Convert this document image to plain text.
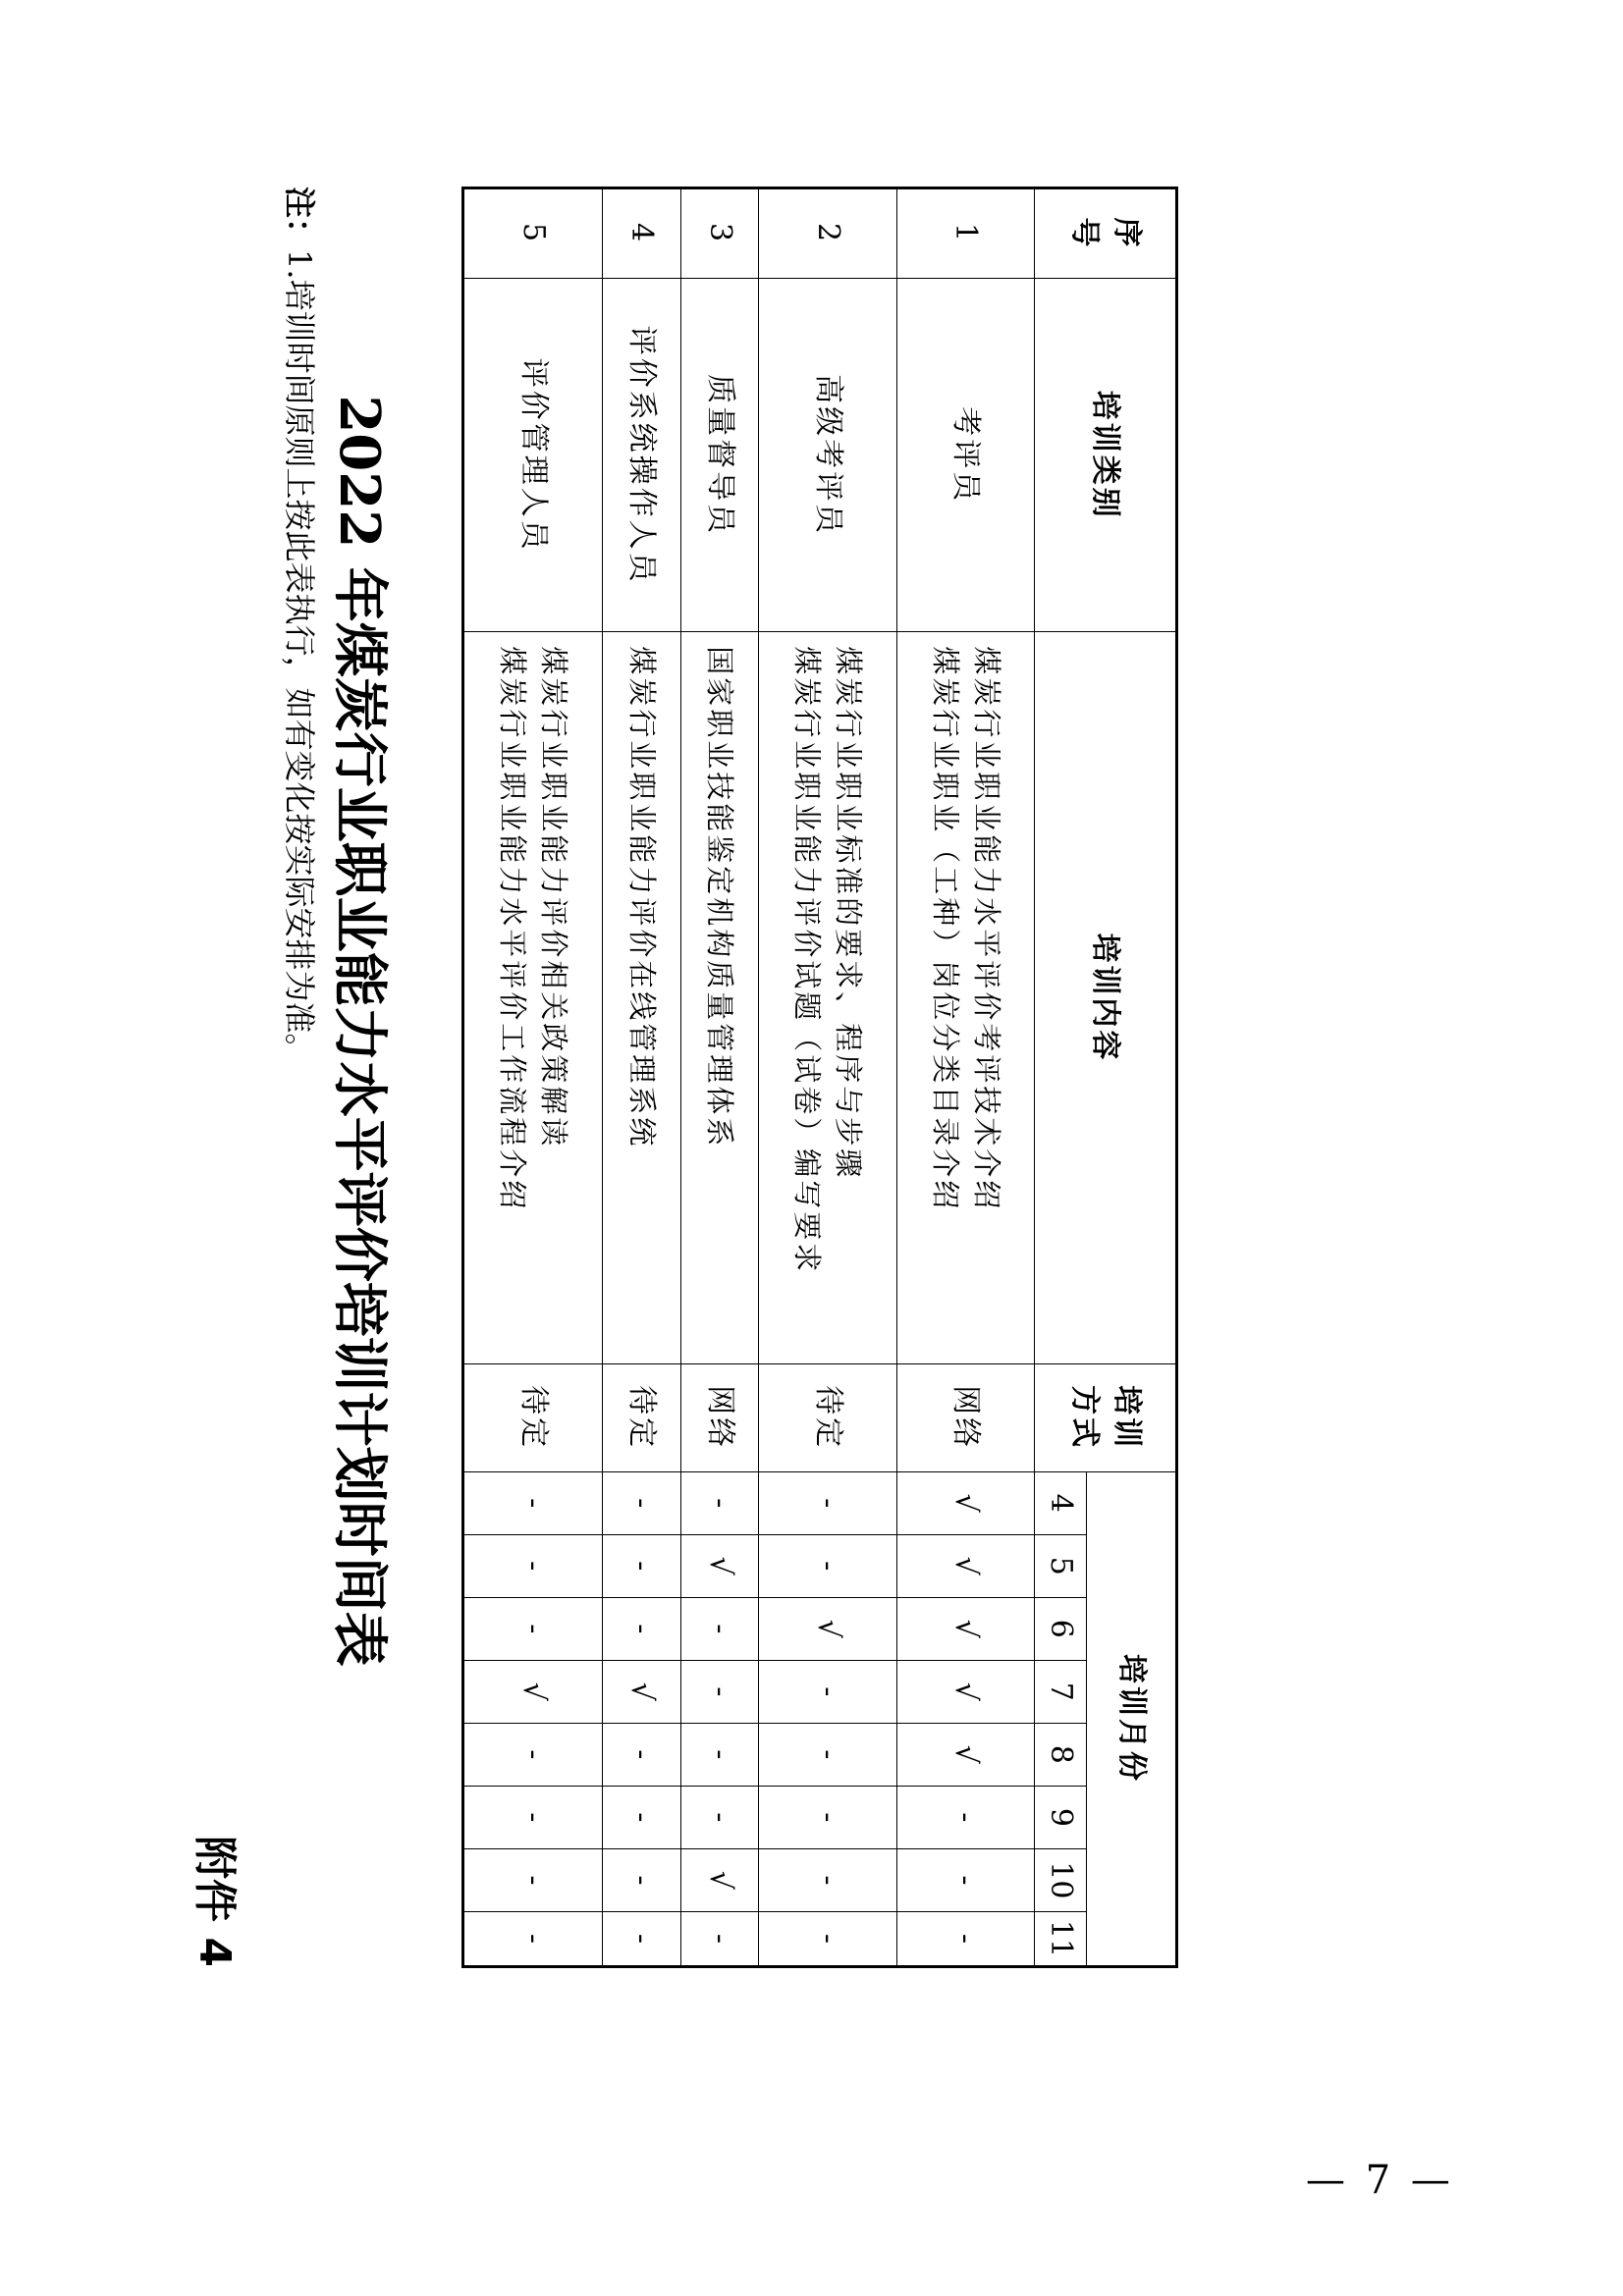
附件 4
2022 年煤炭行业职业能力水平评价培训计划时间表
序
号	培训类别	培训内容	培训
方式	培训月份							
				4	5	6	7	8	9	10	11
1	考评员	煤炭行业职业能力水平评价考评技术介绍
煤炭行业职业（工种）岗位分类目录介绍	网络	√	√	√	√	√	-	-	-
2	高级考评员	煤炭行业职业标准的要求、程序与步骤
煤炭行业职业能力评价试题（试卷）编写要求	待定	-	-	√	-	-	-	-	-
3	质量督导员	国家职业技能鉴定机构质量管理体系	网络	-	√	-	-	-	-	√	-
4	评价系统操作人员	煤炭行业职业能力评价在线管理系统	待定	-	-	-	√	-	-	-	-
5	评价管理人员	煤炭行业职业能力评价相关政策解读
煤炭行业职业能力水平评价工作流程介绍	待定	-	-	-	√	-	-	-	-
注：1.培训时间原则上按此表执行，如有变化按实际安排为准。
— 7 —
